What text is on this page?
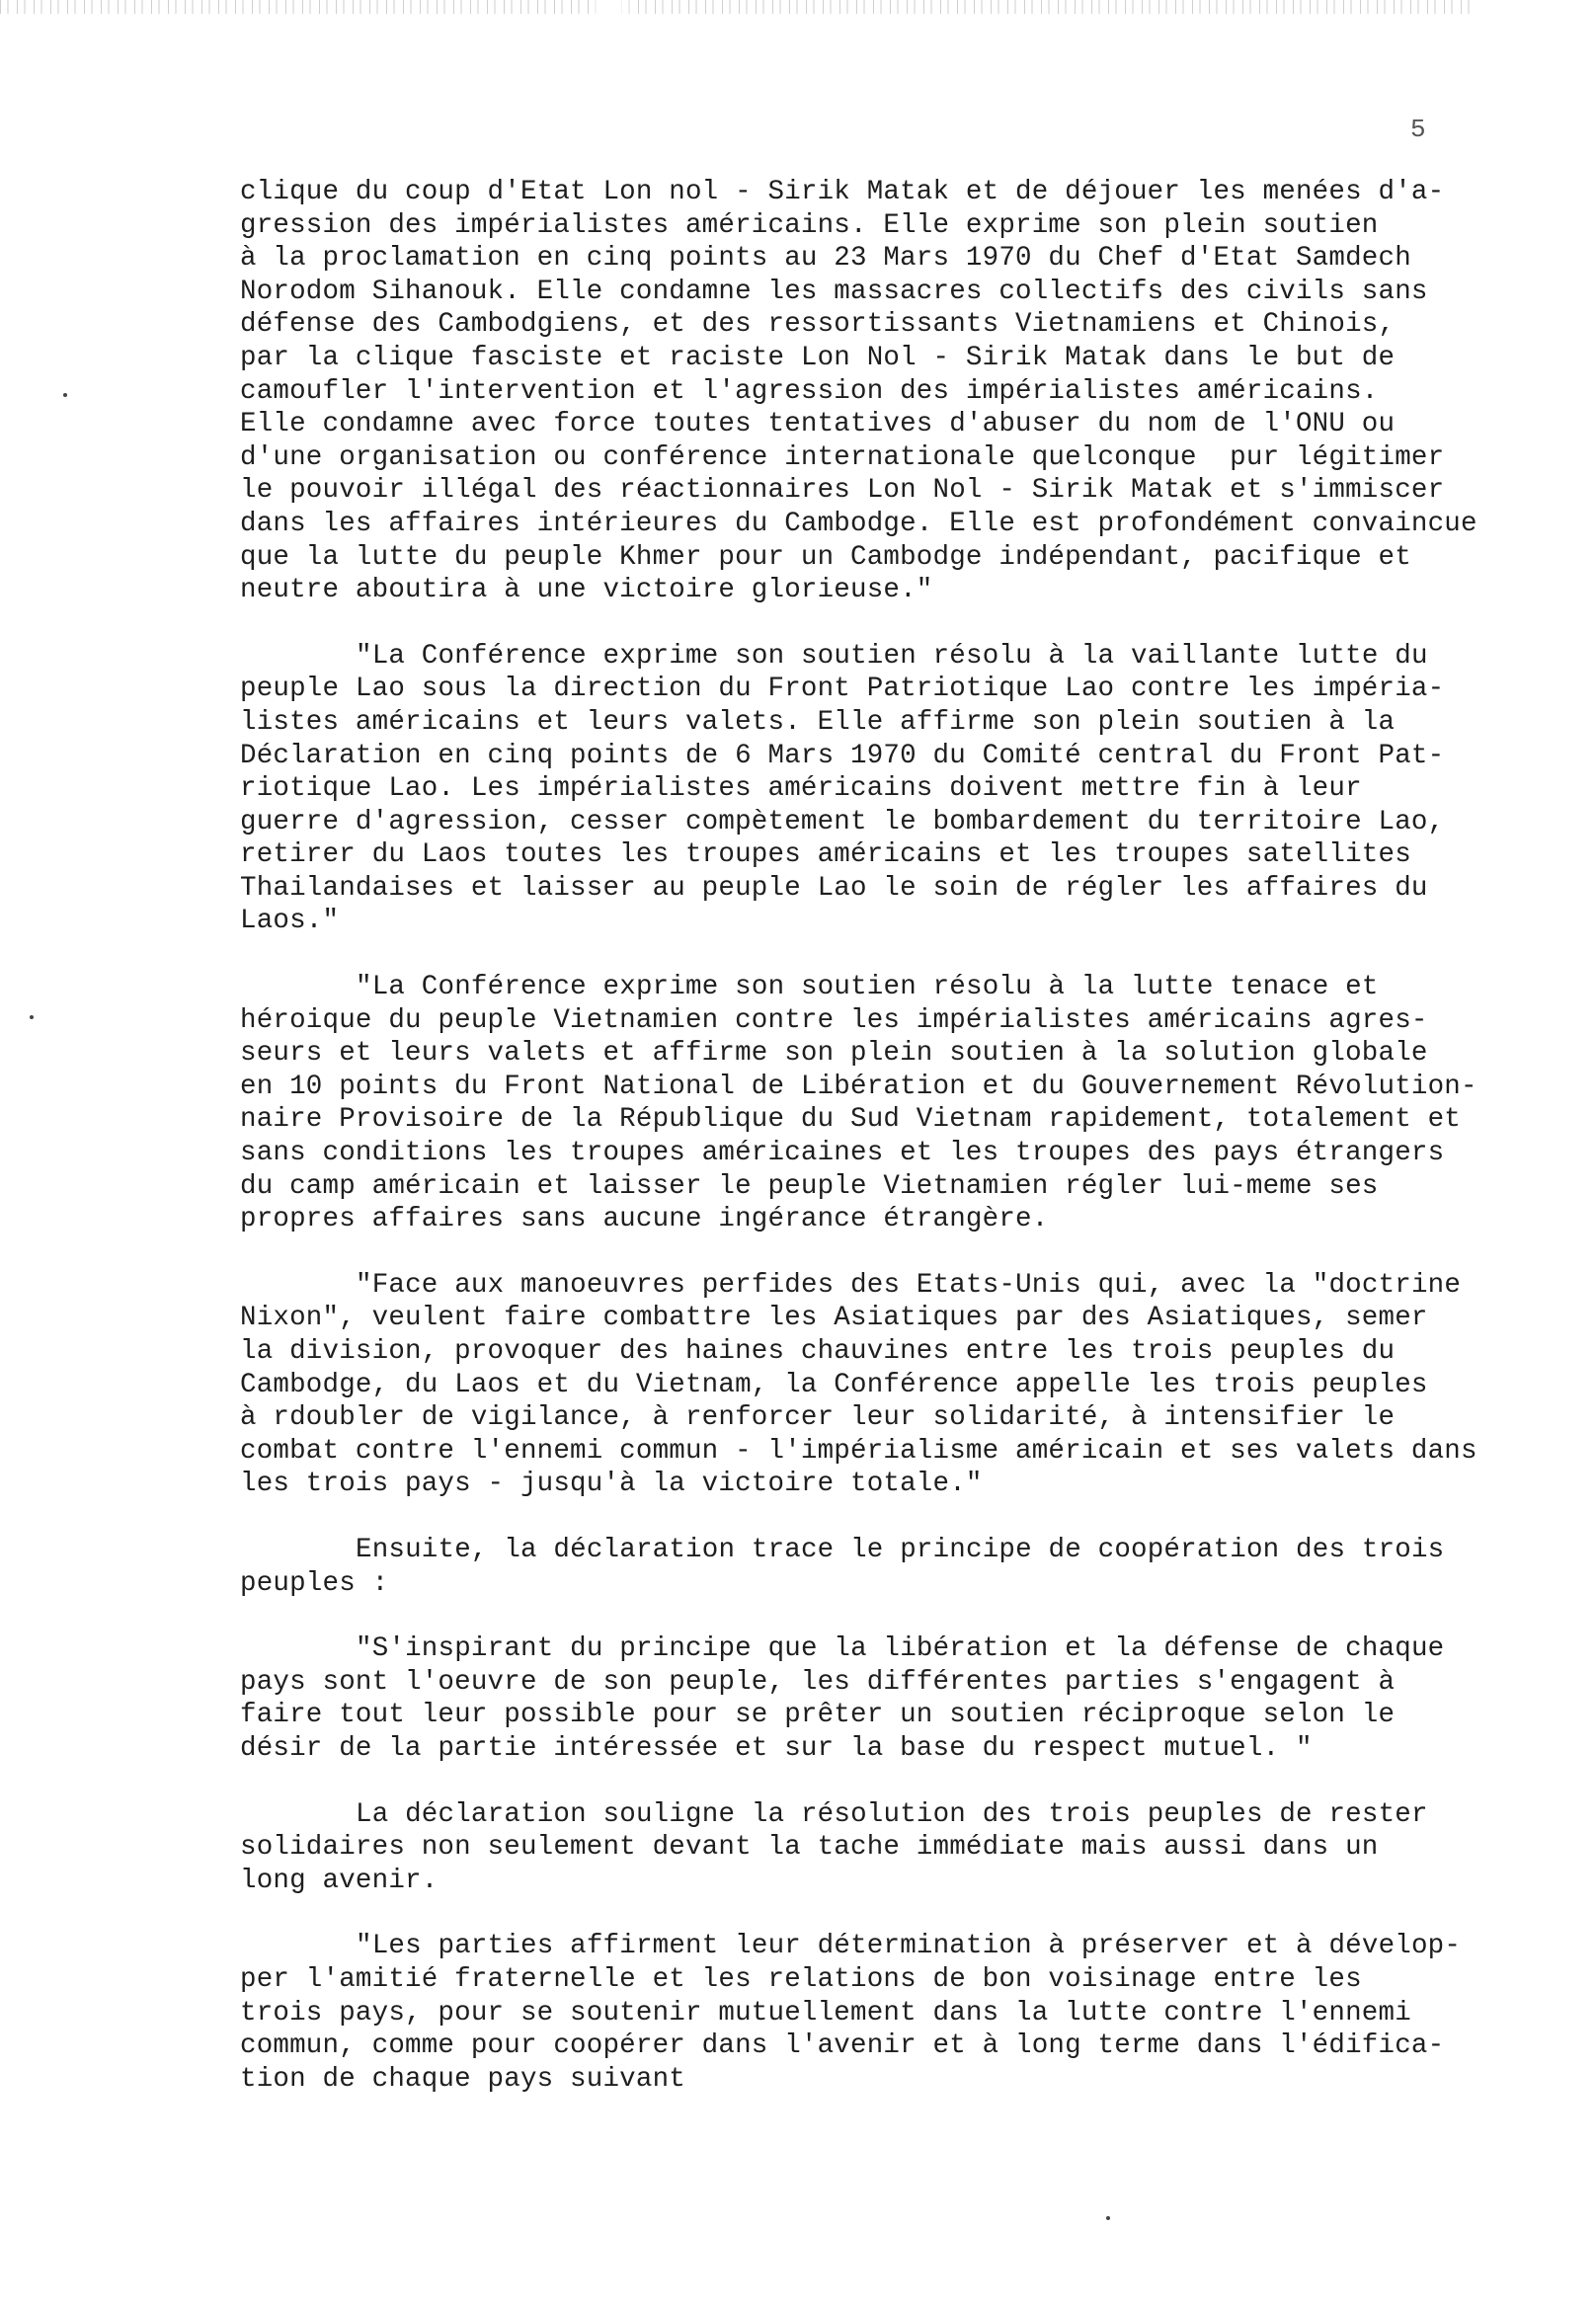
5
clique du coup d'Etat Lon nol - Sirik Matak et de déjouer les menées d'a-
gression des impérialistes américains. Elle exprime son plein soutien
à la proclamation en cinq points au 23 Mars 1970 du Chef d'Etat Samdech
Norodom Sihanouk. Elle condamne les massacres collectifs des civils sans
défense des Cambodgiens, et des ressortissants Vietnamiens et Chinois,
par la clique fasciste et raciste Lon Nol - Sirik Matak dans le but de
camoufler l'intervention et l'agression des impérialistes américains.
Elle condamne avec force toutes tentatives d'abuser du nom de l'ONU ou
d'une organisation ou conférence internationale quelconque  pur légitimer
le pouvoir illégal des réactionnaires Lon Nol - Sirik Matak et s'immiscer
dans les affaires intérieures du Cambodge. Elle est profondément convaincue
que la lutte du peuple Khmer pour un Cambodge indépendant, pacifique et
neutre aboutira à une victoire glorieuse."
"La Conférence exprime son soutien résolu à la vaillante lutte du
peuple Lao sous la direction du Front Patriotique Lao contre les impéria-
listes américains et leurs valets. Elle affirme son plein soutien à la
Déclaration en cinq points de 6 Mars 1970 du Comité central du Front Pat-
riotique Lao. Les impérialistes américains doivent mettre fin à leur
guerre d'agression, cesser compètement le bombardement du territoire Lao,
retirer du Laos toutes les troupes américains et les troupes satellites
Thailandaises et laisser au peuple Lao le soin de régler les affaires du
Laos."
"La Conférence exprime son soutien résolu à la lutte tenace et
héroique du peuple Vietnamien contre les impérialistes américains agres-
seurs et leurs valets et affirme son plein soutien à la solution globale
en 10 points du Front National de Libération et du Gouvernement Révolution-
naire Provisoire de la République du Sud Vietnam rapidement, totalement et
sans conditions les troupes américaines et les troupes des pays étrangers
du camp américain et laisser le peuple Vietnamien régler lui-meme ses
propres affaires sans aucune ingérance étrangère.
"Face aux manoeuvres perfides des Etats-Unis qui, avec la "doctrine
Nixon", veulent faire combattre les Asiatiques par des Asiatiques, semer
la division, provoquer des haines chauvines entre les trois peuples du
Cambodge, du Laos et du Vietnam, la Conférence appelle les trois peuples
à rdoubler de vigilance, à renforcer leur solidarité, à intensifier le
combat contre l'ennemi commun - l'impérialisme américain et ses valets dans
les trois pays - jusqu'à la victoire totale."
Ensuite, la déclaration trace le principe de coopération des trois
peuples :
"S'inspirant du principe que la libération et la défense de chaque
pays sont l'oeuvre de son peuple, les différentes parties s'engagent à
faire tout leur possible pour se prêter un soutien réciproque selon le
désir de la partie intéressée et sur la base du respect mutuel. "
La déclaration souligne la résolution des trois peuples de rester
solidaires non seulement devant la tache immédiate mais aussi dans un
long avenir.
"Les parties affirment leur détermination à préserver et à dévelop-
per l'amitié fraternelle et les relations de bon voisinage entre les
trois pays, pour se soutenir mutuellement dans la lutte contre l'ennemi
commun, comme pour coopérer dans l'avenir et à long terme dans l'édifica-
tion de chaque pays suivant
